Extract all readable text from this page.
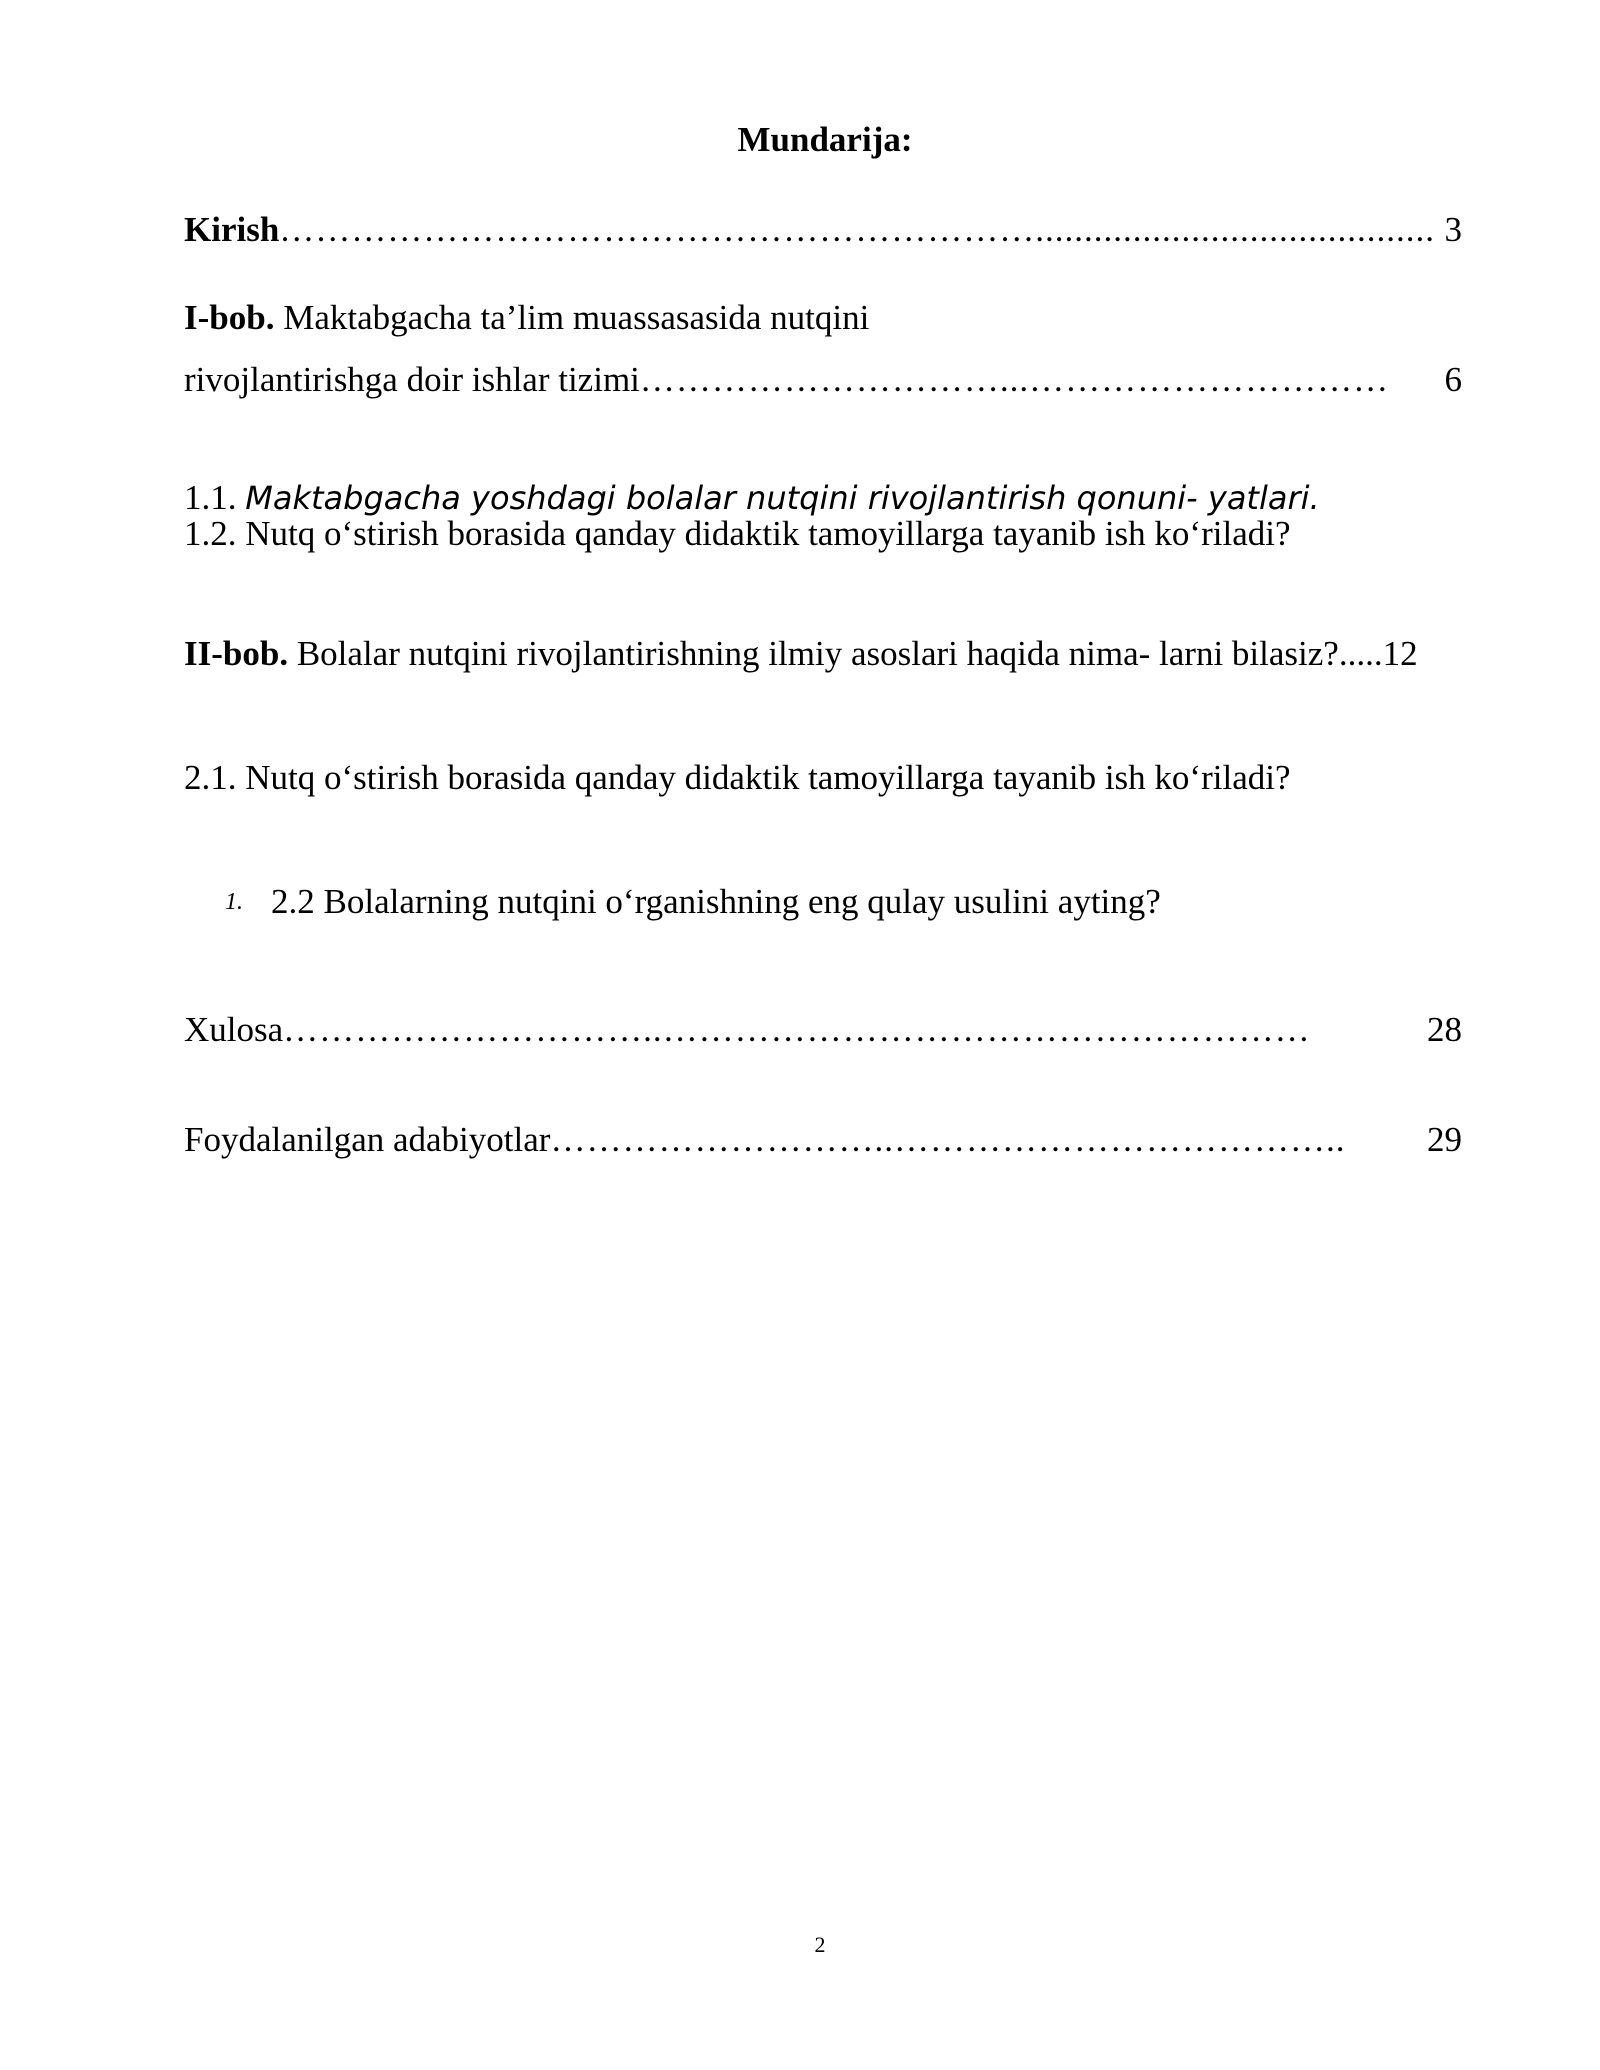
Mundarija:
Kirish ………………………………………………………......................................... 3
I-bob. Maktabgacha ta’lim muassasasida nutqini
rivojlantirishga doir ishlar tizimi …………………………...…………………………	6
1.1. Maktabgacha yoshdagi bolalar nutqini rivojlantirish qonuni- yatlari.
1.2. Nutq o‘stirish borasida qanday didaktik tamoyillarga tayanib ish ko‘riladi?
II-bob. Bolalar nutqini rivojlantirishning ilmiy asoslari haqida nima- larni bilasiz?.....12
2.1. Nutq o‘stirish borasida qanday didaktik tamoyillarga tayanib ish ko‘riladi?
1. 2.2 Bolalarning nutqini o‘rganishning eng qulay usulini ayting?
Xulosa …………………………..………………………………………………	28
Foydalanilgan adabiyotlar ………………………..………………………………..	29
2
